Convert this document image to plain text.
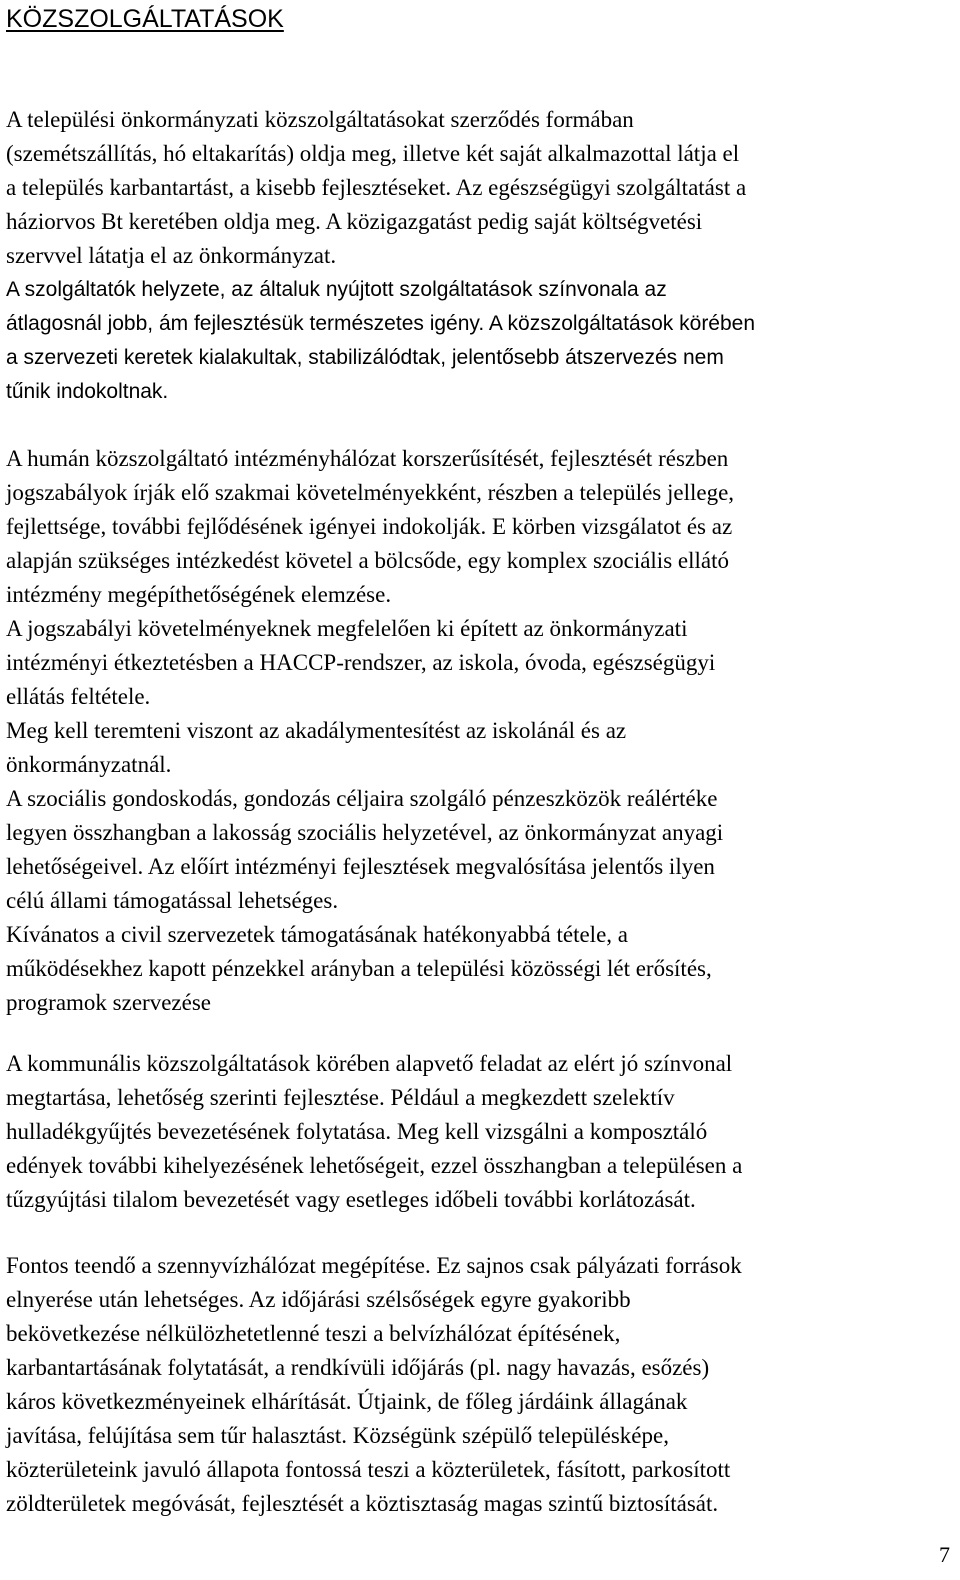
KÖZSZOLGÁLTATÁSOK
A települési önkormányzati közszolgáltatásokat szerződés formában
(szemétszállítás, hó eltakarítás) oldja meg, illetve két saját alkalmazottal látja el
a település karbantartást, a kisebb fejlesztéseket. Az egészségügyi szolgáltatást a
háziorvos Bt keretében oldja meg. A közigazgatást pedig saját költségvetési
szervvel látatja el az önkormányzat.
A szolgáltatók helyzete, az általuk nyújtott szolgáltatások színvonala az
átlagosnál jobb, ám fejlesztésük természetes igény. A közszolgáltatások körében
a szervezeti keretek kialakultak, stabilizálódtak, jelentősebb átszervezés nem
tűnik indokoltnak.
A humán közszolgáltató intézményhálózat korszerűsítését, fejlesztését részben
jogszabályok írják elő szakmai követelményekként, részben a település jellege,
fejlettsége, további fejlődésének igényei indokolják. E körben vizsgálatot és az
alapján szükséges intézkedést követel a bölcsőde, egy komplex szociális ellátó
intézmény megépíthetőségének elemzése.
A jogszabályi követelményeknek megfelelően ki épített az önkormányzati
intézményi étkeztetésben a HACCP-rendszer, az iskola, óvoda, egészségügyi
ellátás feltétele.
Meg kell teremteni viszont az akadálymentesítést az iskolánál és az
önkormányzatnál.
A szociális gondoskodás, gondozás céljaira szolgáló pénzeszközök reálértéke
legyen összhangban a lakosság szociális helyzetével, az önkormányzat anyagi
lehetőségeivel. Az előírt intézményi fejlesztések megvalósítása jelentős ilyen
célú állami támogatással lehetséges.
Kívánatos a civil szervezetek támogatásának hatékonyabbá tétele, a
működésekhez kapott pénzekkel arányban a települési közösségi lét erősítés,
programok szervezése
A kommunális közszolgáltatások körében alapvető feladat az elért jó színvonal
megtartása, lehetőség szerinti fejlesztése. Például a megkezdett szelektív
hulladékgyűjtés bevezetésének folytatása. Meg kell vizsgálni a komposztáló
edények további kihelyezésének lehetőségeit, ezzel összhangban a településen a
tűzgyújtási tilalom bevezetését vagy esetleges időbeli további korlátozását.
Fontos teendő a szennyvízhálózat megépítése. Ez sajnos csak pályázati források
elnyerése után lehetséges. Az időjárási szélsőségek egyre gyakoribb
bekövetkezése nélkülözhetetlenné teszi a belvízhálózat építésének,
karbantartásának folytatását, a rendkívüli időjárás (pl. nagy havazás, esőzés)
káros következményeinek elhárítását. Útjaink, de főleg járdáink állagának
javítása, felújítása sem tűr halasztást. Községünk szépülő településképe,
közterületeink javuló állapota fontossá teszi a közterületek, fásított, parkosított
zöldterületek megóvását, fejlesztését a köztisztaság magas szintű biztosítását.
7
